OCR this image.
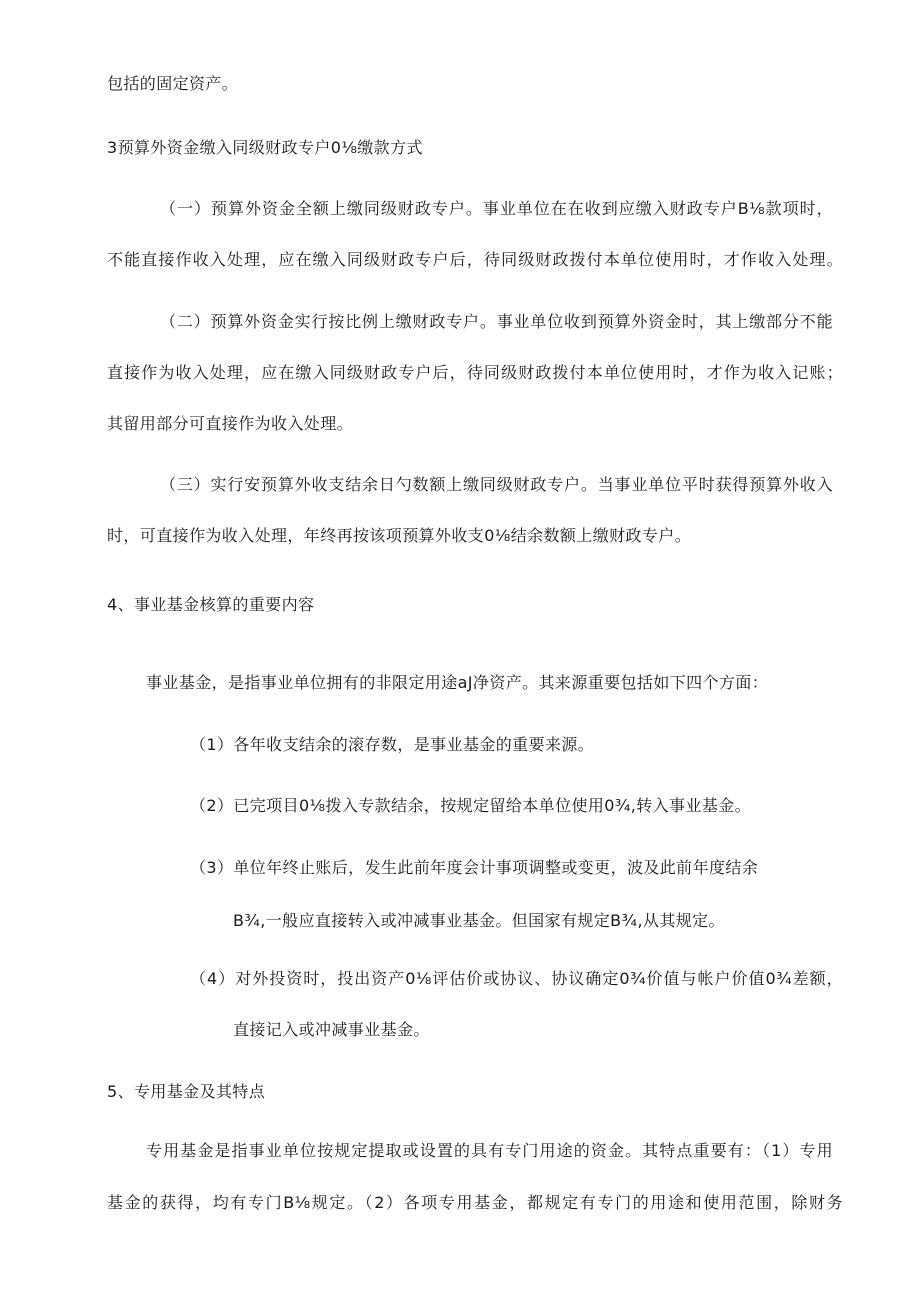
包括的固定资产。
3预算外资金缴入同级财政专户0⅛缴款方式
（一）预算外资金全额上缴同级财政专户。事业单位在在收到应缴入财政专户B⅛款项时，
不能直接作收入处理，应在缴入同级财政专户后，待同级财政拨付本单位使用时，才作收入处理。
（二）预算外资金实行按比例上缴财政专户。事业单位收到预算外资金时，其上缴部分不能
直接作为收入处理，应在缴入同级财政专户后，待同级财政拨付本单位使用时，才作为收入记账；
其留用部分可直接作为收入处理。
（三）实行安预算外收支结余日勺数额上缴同级财政专户。当事业单位平时获得预算外收入
时，可直接作为收入处理，年终再按该项预算外收支0⅛结余数额上缴财政专户。
4、事业基金核算的重要内容
事业基金，是指事业单位拥有的非限定用途aJ净资产。其来源重要包括如下四个方面：
（1）各年收支结余的滚存数，是事业基金的重要来源。
（2）已完项目0⅛拨入专款结余，按规定留给本单位使用0¾,转入事业基金。
（3）单位年终止账后，发生此前年度会计事项调整或变更，波及此前年度结余
B¾,一般应直接转入或冲减事业基金。但国家有规定B¾,从其规定。
（4）对外投资时，投出资产0⅛评估价或协议、协议确定0¾价值与帐户价值0¾差额，
直接记入或冲减事业基金。
5、专用基金及其特点
专用基金是指事业单位按规定提取或设置的具有专门用途的资金。其特点重要有：（1）专用
基金的获得，均有专门B⅛规定。（2）各项专用基金，都规定有专门的用途和使用范围，除财务
